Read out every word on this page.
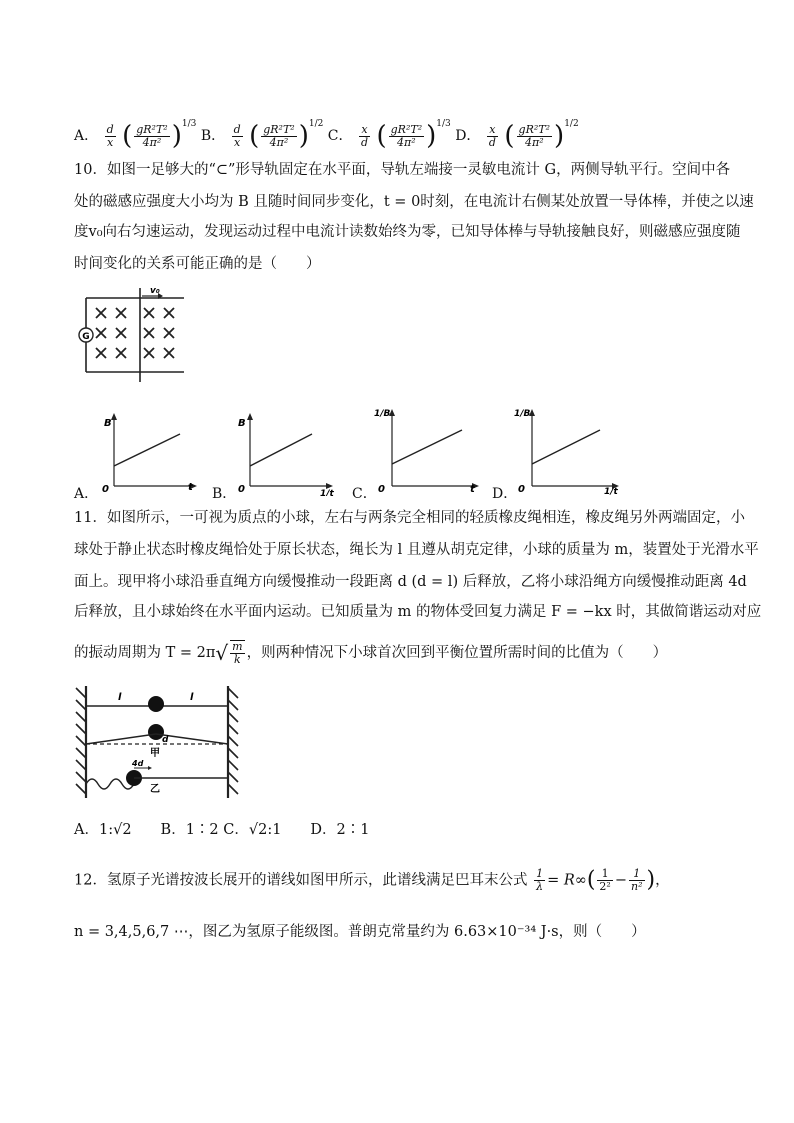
A． $\frac{d}{x}$ ( $\frac{\text{gR²T²}}{\text{4π²}} )^{1/3}$ B． $\frac{d}{x}$ ( $\frac{\text{gR²T²}}{\text{4π²}} )^{1/2}$ C． $\frac{x}{d}$ ( $\frac{\text{gR²T²}}{\text{4π²}} )^{1/3}$ D． $\frac{x}{d}$ ( $\frac{\text{gR²T²}}{\text{4π²}} )^{1/2}$
10．如图一足够大的“⊂”形导轨固定在水平面，导轨左端接一灵敏电流计 G，两侧导轨平行。空间中各
处的磁感应强度大小均为 B 且随时间同步变化，t = 0时刻，在电流计右侧某处放置一导体棒，并使之以速
度v₀向右匀速运动，发现运动过程中电流计读数始终为零，已知导体棒与导轨接触良好，则磁感应强度随
时间变化的关系可能正确的是（　　）
G
v₀
A．
B
t
0	B．
B
1/t
0	C．
1/B
t
0	D．
1/B
1/t
0
11．如图所示，一可视为质点的小球，左右与两条完全相同的轻质橡皮绳相连，橡皮绳另外两端固定，小
球处于静止状态时橡皮绳恰处于原长状态，绳长为 l 且遵从胡克定律，小球的质量为 m，装置处于光滑水平
面上。现甲将小球沿垂直绳方向缓慢推动一段距离 d (d = l) 后释放，乙将小球沿绳方向缓慢推动距离 4d
后释放，且小球始终在水平面内运动。已知质量为 m 的物体受回复力满足 F = −kx 时，其做简谐运动对应
的振动周期为 $T = 2\pi√ \frac{m}{k}$ ，则两种情况下小球首次回到平衡位置所需时间的比值为（　　）
l	l
d
甲
4d
乙
A．1:√2　　B．1∶2 C．√2:1　　D．2∶1
12．氢原子光谱按波长展开的谱线如图甲所示，此谱线满足巴耳末公式 $\frac{1}{\lambda} = R\infty( \frac{1}{\text{2²}} - \frac{1}{\text{n²}}$ )，
n = 3,4,5,6,7 ⋯，图乙为氢原子能级图。普朗克常量约为 6.63×10⁻³⁴ J·s，则（　　）
